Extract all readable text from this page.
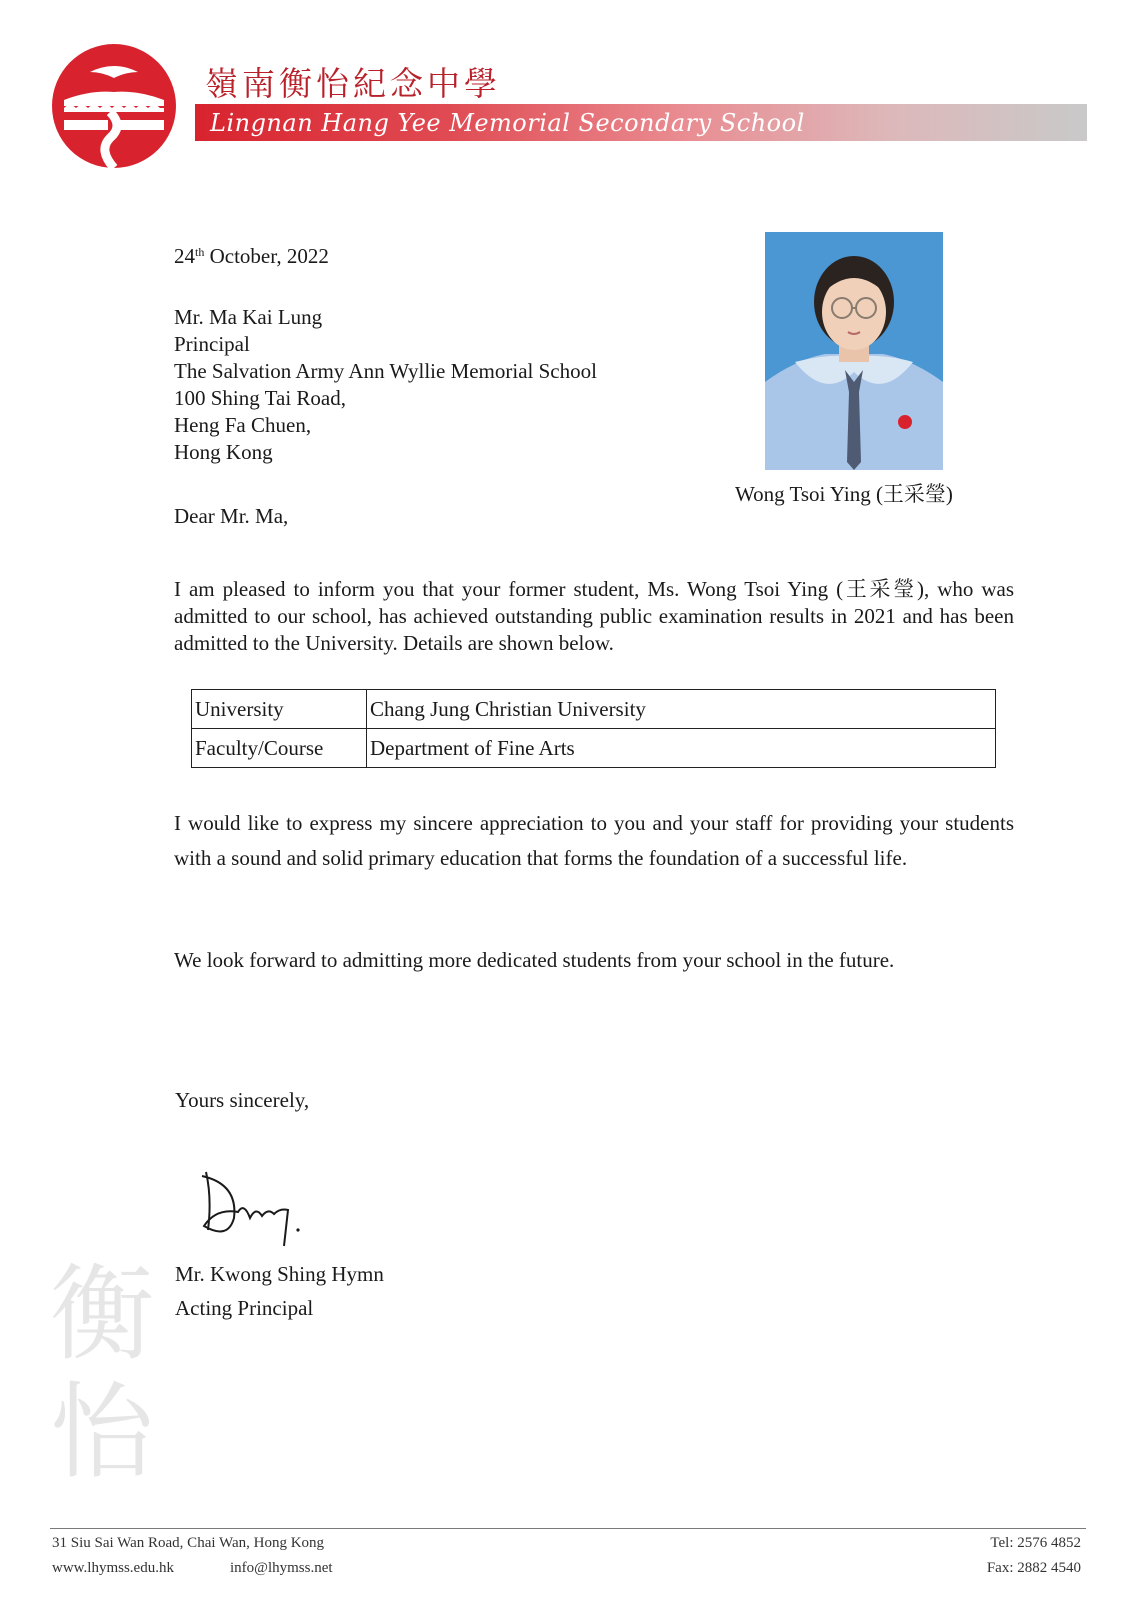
嶺南衡怡紀念中學
Lingnan Hang Yee Memorial Secondary School
24th October, 2022
Mr. Ma Kai Lung
Principal
The Salvation Army Ann Wyllie Memorial School
100 Shing Tai Road,
Heng Fa Chuen,
Hong Kong
Wong Tsoi Ying (王采瑩)
Dear Mr. Ma,
I am pleased to inform you that your former student, Ms. Wong Tsoi Ying (王采瑩), who was admitted to our school, has achieved outstanding public examination results in 2021 and has been admitted to the University. Details are shown below.
University	Chang Jung Christian University
Faculty/Course	Department of Fine Arts
I would like to express my sincere appreciation to you and your staff for providing your students with a sound and solid primary education that forms the foundation of a successful life.
We look forward to admitting more dedicated students from your school in the future.
Yours sincerely,
Mr. Kwong Shing Hymn
Acting Principal
衡
怡
31 Siu Sai Wan Road, Chai Wan, Hong Kong
www.lhymss.edu.hk	info@lhymss.net
Tel: 2576 4852
Fax: 2882 4540
